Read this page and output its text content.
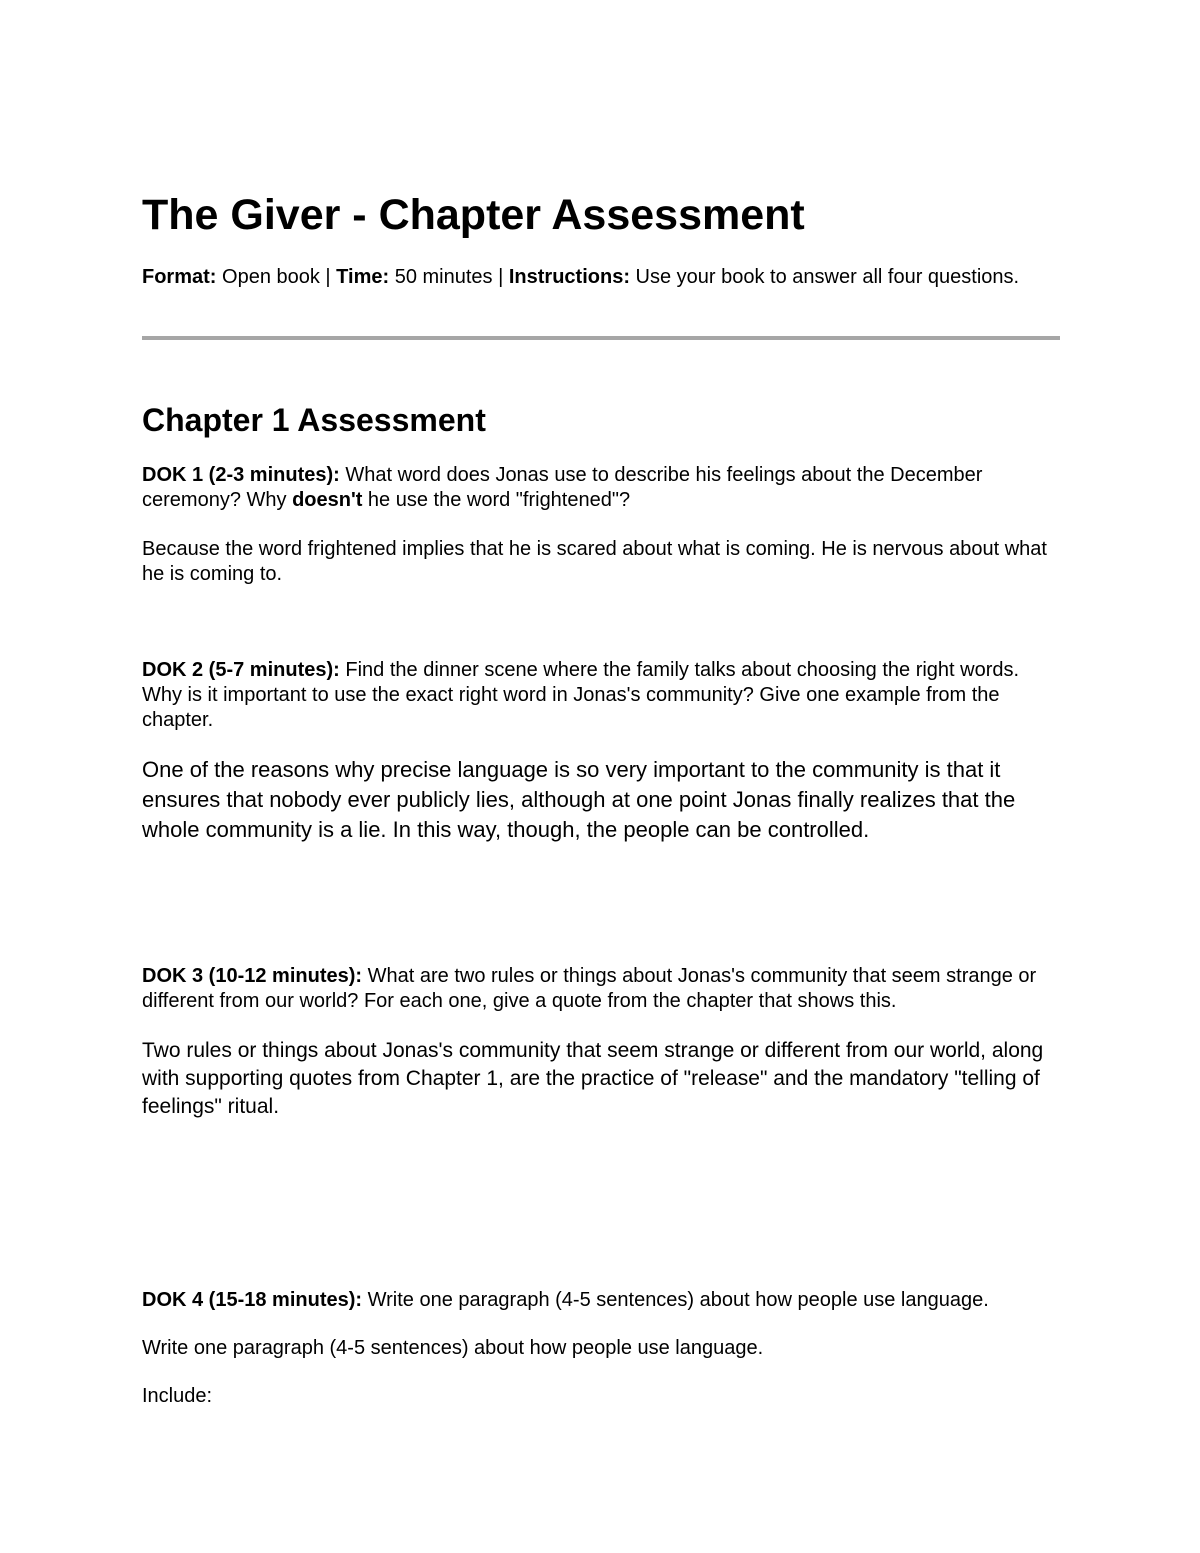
The Giver - Chapter Assessment

Format: Open book | Time: 50 minutes | Instructions: Use your book to answer all four questions.

Chapter 1 Assessment

DOK 1 (2-3 minutes): What word does Jonas use to describe his feelings about the December ceremony? Why doesn't he use the word "frightened"?

Because the word frightened implies that he is scared about what is coming. He is nervous about what he is coming to.

DOK 2 (5-7 minutes): Find the dinner scene where the family talks about choosing the right words. Why is it important to use the exact right word in Jonas's community? Give one example from the chapter.

One of the reasons why precise language is so very important to the community is that it ensures that nobody ever publicly lies, although at one point Jonas finally realizes that the whole community is a lie. In this way, though, the people can be controlled.

DOK 3 (10-12 minutes): What are two rules or things about Jonas's community that seem strange or different from our world? For each one, give a quote from the chapter that shows this.

Two rules or things about Jonas's community that seem strange or different from our world, along with supporting quotes from Chapter 1, are the practice of "release" and the mandatory "telling of feelings" ritual.

DOK 4 (15-18 minutes): Write one paragraph (4-5 sentences) about how people use language.

Write one paragraph (4-5 sentences) about how people use language.

Include:
